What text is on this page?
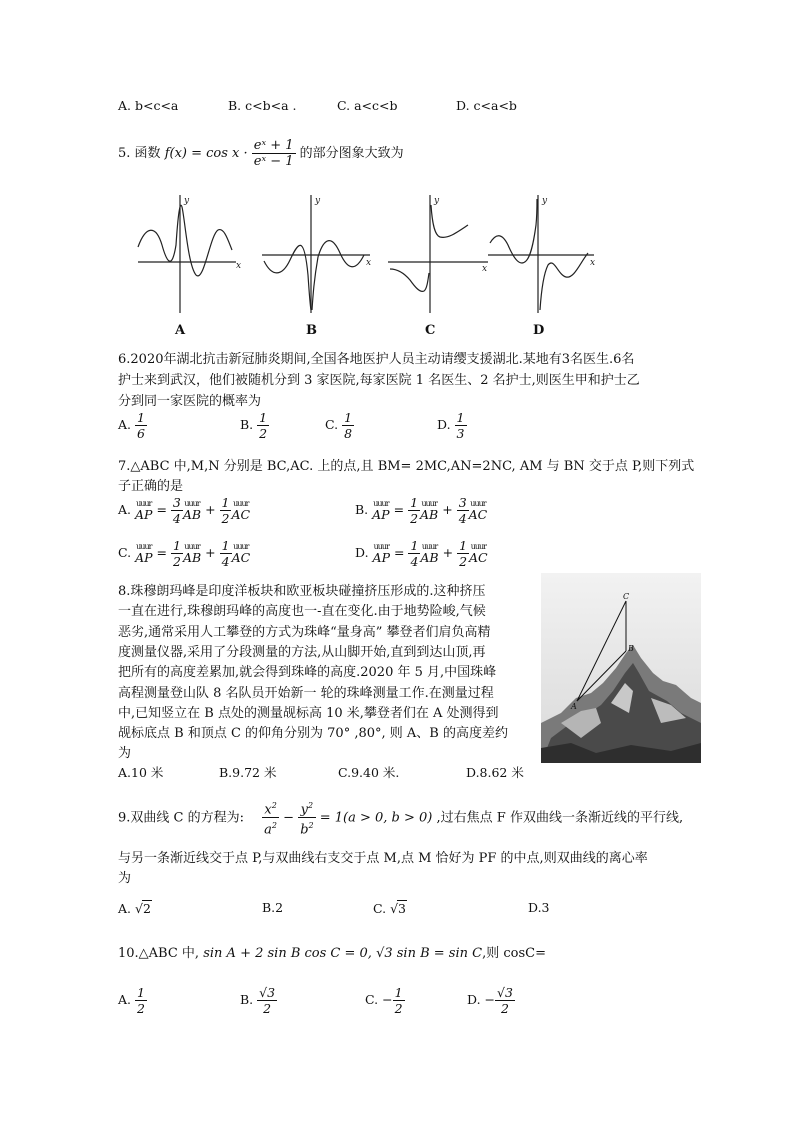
A. b<c<a	B. c<b<a .	C. a<c<b	D. c<a<b
5. 函数 $f(x) = \cos x \cdot \frac{\text{eˣ + 1}}{\text{eˣ − 1}}$ 的部分图象大致为
x
y
x
y
x
y
x
y
A	B	C	D
6.2020年湖北抗击新冠肺炎期间,全国各地医护人员主动请缨支援湖北.某地有3名医生.6名
护士来到武汉，他们被随机分到 3 家医院,每家医院 1 名医生、2 名护士,则医生甲和护士乙
分到同一家医院的概率为
A. $\frac{1}{6}$	B. $\frac{1}{2}$	C. $\frac{1}{8}$	D. $\frac{1}{3}$
7.△ABC 中,M,N 分别是 BC,AC. 上的点,且 BM= 2MC,AN=2NC, AM 与 BN 交于点 P,则下列式
子正确的是
A. uuur
AP = $\frac{3}{4}$ uuur
AB + $\frac{1}{2}$ uuur
AC	B. uuur
AP = $\frac{1}{2}$ uuur
AB + $\frac{3}{4}$ uuur
AC
C. uuur
AP = $\frac{1}{2}$ uuur
AB + $\frac{1}{4}$ uuur
AC	D. uuur
AP = $\frac{1}{4}$ uuur
AB + $\frac{1}{2}$ uuur
AC
8.珠穆朗玛峰是印度洋板块和欧亚板块碰撞挤压形成的.这种挤压
一直在进行,珠穆朗玛峰的高度也一-直在变化.由于地势险峻,气候
恶劣,通常采用人工攀登的方式为珠峰“量身高” 攀登者们肩负高精
度测量仪器,采用了分段测量的方法,从山脚开始,直到到达山顶,再
把所有的高度差累加,就会得到珠峰的高度.2020 年 5 月,中国珠峰
高程测量登山队 8 名队员开始新一 轮的珠峰测量工作.在测量过程
中,已知竖立在 B 点处的测量觇标高 10 米,攀登者们在 A 处测得到
觇标底点 B 和顶点 C 的仰角分别为 70° ,80°, 则 A、B 的高度差约
为
A.10 米	B.9.72 米	C.9.40 米.	D.8.62 米
C
B
A
9.双曲线 C 的方程为: $\frac{x^2}{a^2} - \frac{y^2}{b^2} = 1(a > 0$, b > 0) ,过右焦点 F 作双曲线一条渐近线的平行线,
与另一条渐近线交于点 P,与双曲线右支交于点 M,点 M 恰好为 PF 的中点,则双曲线的离心率
为
A. √2	B.2	C. √3	D.3
10.△ABC 中, sin A + 2 sin B cos C = 0, √3 sin B = sin C,则 cosC=
A. $\frac{1}{2}$	B. $\frac{√3}{2}$	C. − $\frac{1}{2}$	D. − $\frac{√3}{2}$
